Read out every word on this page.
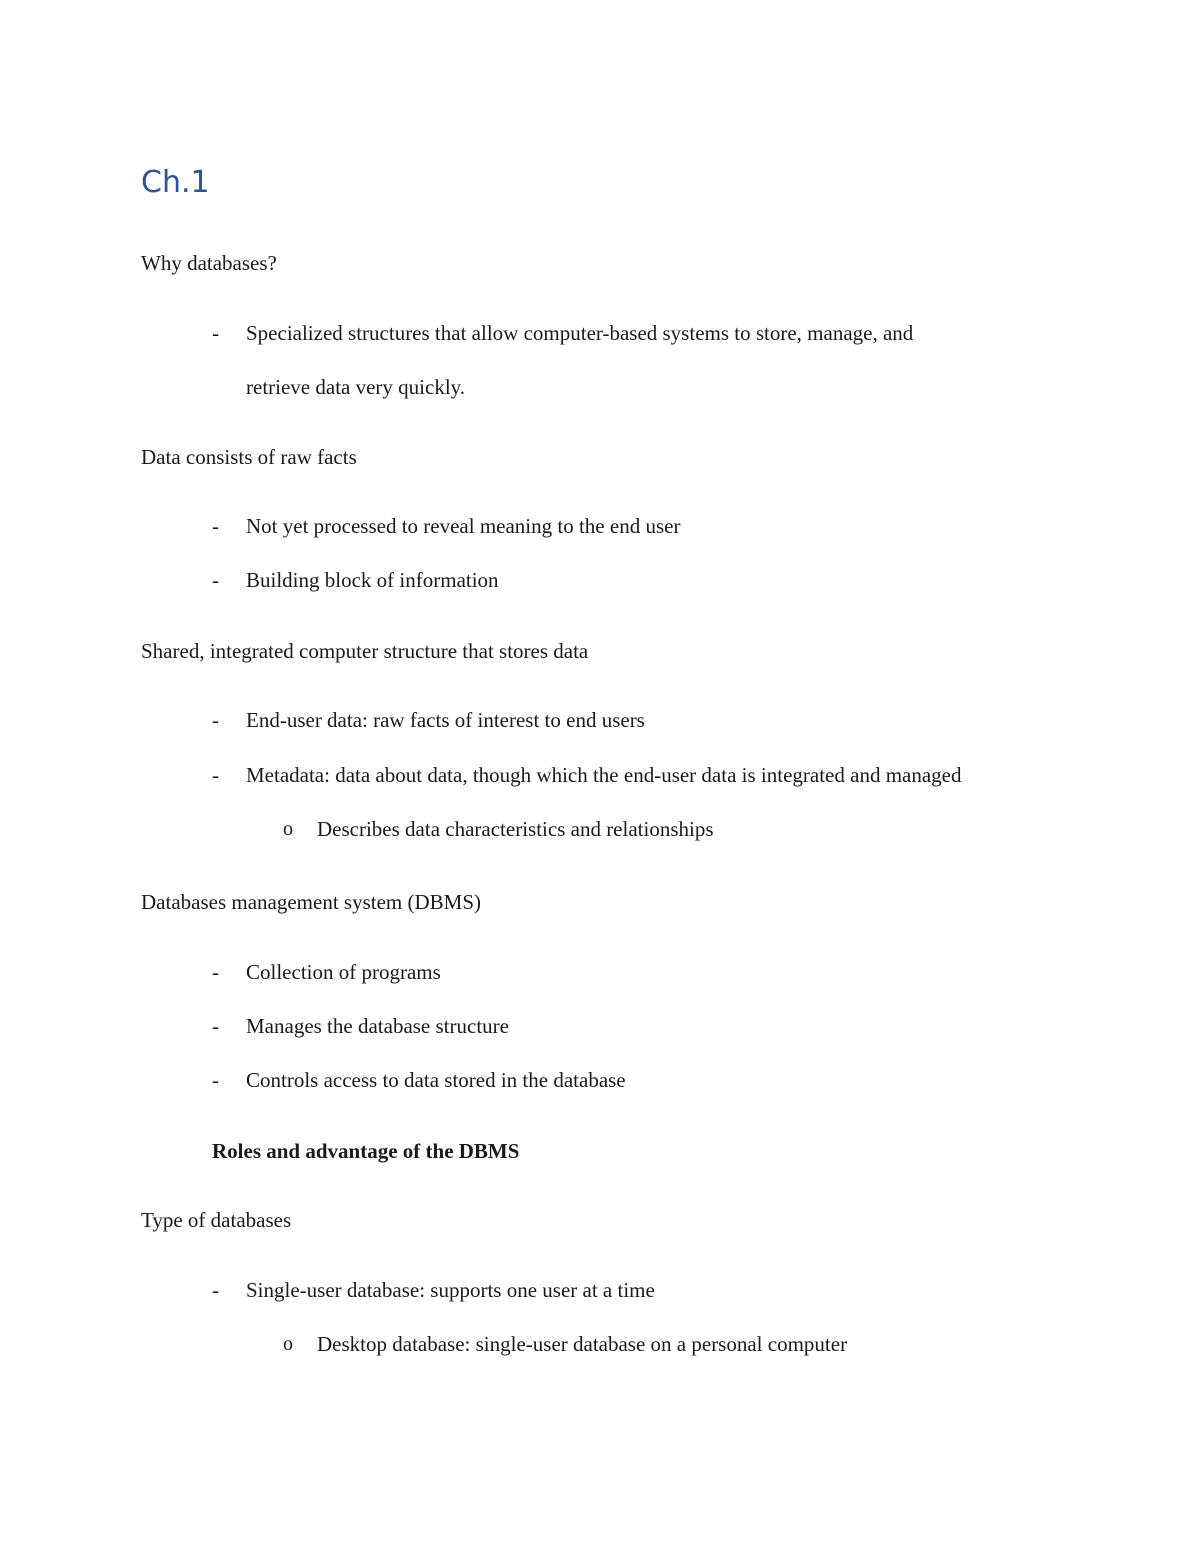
Ch.1
Why databases?
- Specialized structures that allow computer-based systems to store, manage, and
retrieve data very quickly.
Data consists of raw facts
- Not yet processed to reveal meaning to the end user
- Building block of information
Shared, integrated computer structure that stores data
- End-user data: raw facts of interest to end users
- Metadata: data about data, though which the end-user data is integrated and managed
o Describes data characteristics and relationships
Databases management system (DBMS)
- Collection of programs
- Manages the database structure
- Controls access to data stored in the database
Roles and advantage of the DBMS
Type of databases
- Single-user database: supports one user at a time
o Desktop database: single-user database on a personal computer
